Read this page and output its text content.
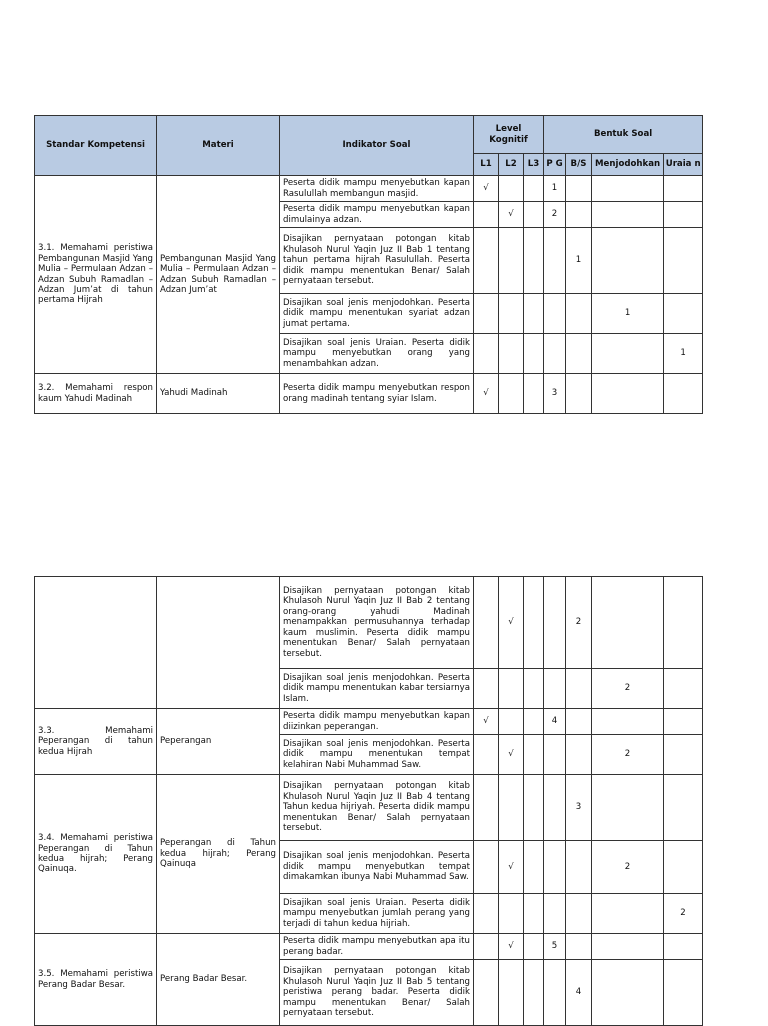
Standar Kompetensi	Materi	Indikator Soal	Level Kognitif			Bentuk Soal			
			L1	L2	L3	P G	B/S	Menjodohkan	Uraia n
3.1. Memahami peristiwa Pembangunan Masjid Yang Mulia – Permulaan Adzan – Adzan Subuh Ramadlan – Adzan Jum’at di tahun pertama Hijrah	Pembangunan Masjid Yang Mulia – Permulaan Adzan – Adzan Subuh Ramadlan – Adzan Jum’at	Peserta didik mampu menyebutkan kapan Rasulullah membangun masjid.	√			1			
		Peserta didik mampu menyebutkan kapan dimulainya adzan.		√		2			
		Disajikan pernyataan potongan kitab Khulasoh Nurul Yaqin Juz II Bab 1 tentang tahun pertama hijrah Rasulullah. Peserta didik mampu menentukan Benar/ Salah pernyataan tersebut.					1		
		Disajikan soal jenis menjodohkan. Peserta didik mampu menentukan syariat adzan jumat pertama.						1	
		Disajikan soal jenis Uraian. Peserta didik mampu menyebutkan orang yang menambahkan adzan.							1
3.2. Memahami respon kaum Yahudi Madinah	Yahudi Madinah	Peserta didik mampu menyebutkan respon orang madinah tentang syiar Islam.	√			3			
		Disajikan pernyataan potongan kitab Khulasoh Nurul Yaqin Juz II Bab 2 tentang orang-orang yahudi Madinah menampakkan permusuhannya terhadap kaum muslimin. Peserta didik mampu menentukan Benar/ Salah pernyataan tersebut.		√			2		
		Disajikan soal jenis menjodohkan. Peserta didik mampu menentukan kabar tersiarnya Islam.						2	
3.3. Memahami Peperangan di tahun kedua Hijrah	Peperangan	Peserta didik mampu menyebutkan kapan diizinkan peperangan.	√			4			
		Disajikan soal jenis menjodohkan. Peserta didik mampu menentukan tempat kelahiran Nabi Muhammad Saw.		√				2	
3.4. Memahami peristiwa Peperangan di Tahun kedua hijrah; Perang Qainuqa.	Peperangan di Tahun kedua hijrah; Perang Qainuqa	Disajikan pernyataan potongan kitab Khulasoh Nurul Yaqin Juz II Bab 4 tentang Tahun kedua hijriyah. Peserta didik mampu menentukan Benar/ Salah pernyataan tersebut.					3		
		Disajikan soal jenis menjodohkan. Peserta didik mampu menyebutkan tempat dimakamkan ibunya Nabi Muhammad Saw.		√				2	
		Disajikan soal jenis Uraian. Peserta didik mampu menyebutkan jumlah perang yang terjadi di tahun kedua hijriah.							2
3.5. Memahami peristiwa Perang Badar Besar.	Perang Badar Besar.	Peserta didik mampu menyebutkan apa itu perang badar.		√		5			
		Disajikan pernyataan potongan kitab Khulasoh Nurul Yaqin Juz II Bab 5 tentang peristiwa perang badar. Peserta didik mampu menentukan Benar/ Salah pernyataan tersebut.					4		
